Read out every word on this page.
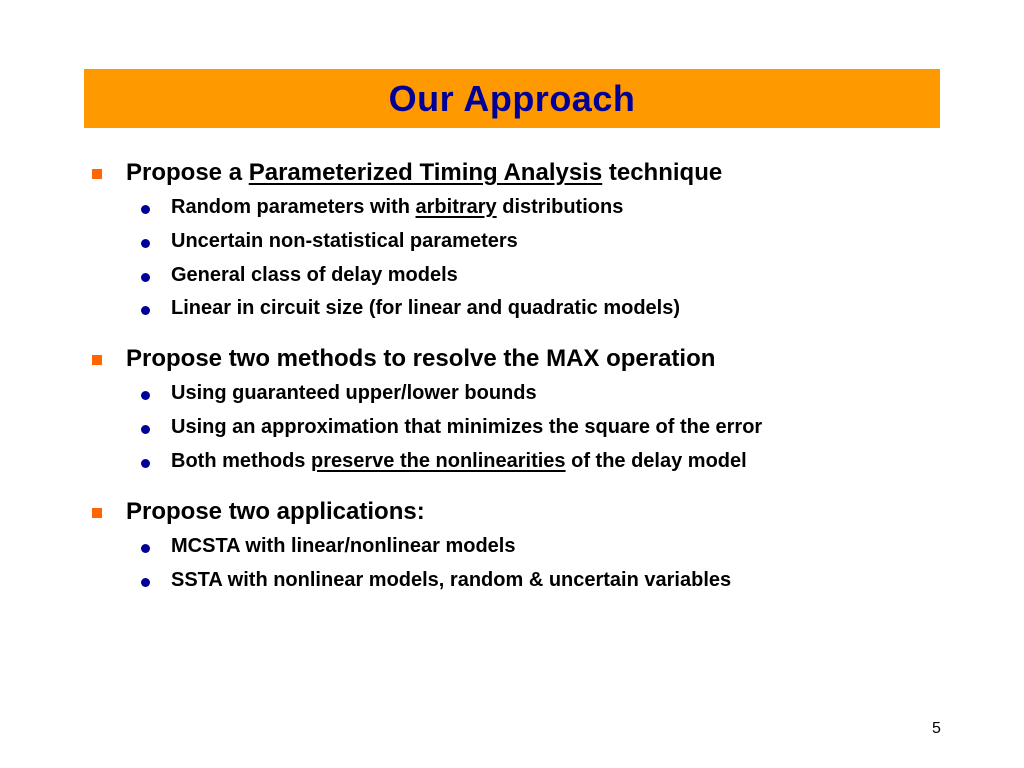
Our Approach
Propose a Parameterized Timing Analysis technique
Random parameters with arbitrary distributions
Uncertain non-statistical parameters
General class of delay models
Linear in circuit size (for linear and quadratic models)
Propose two methods to resolve the MAX operation
Using guaranteed upper/lower bounds
Using an approximation that minimizes the square of the error
Both methods preserve the nonlinearities of the delay model
Propose two applications:
MCSTA with linear/nonlinear models
SSTA with nonlinear models, random & uncertain variables
5
